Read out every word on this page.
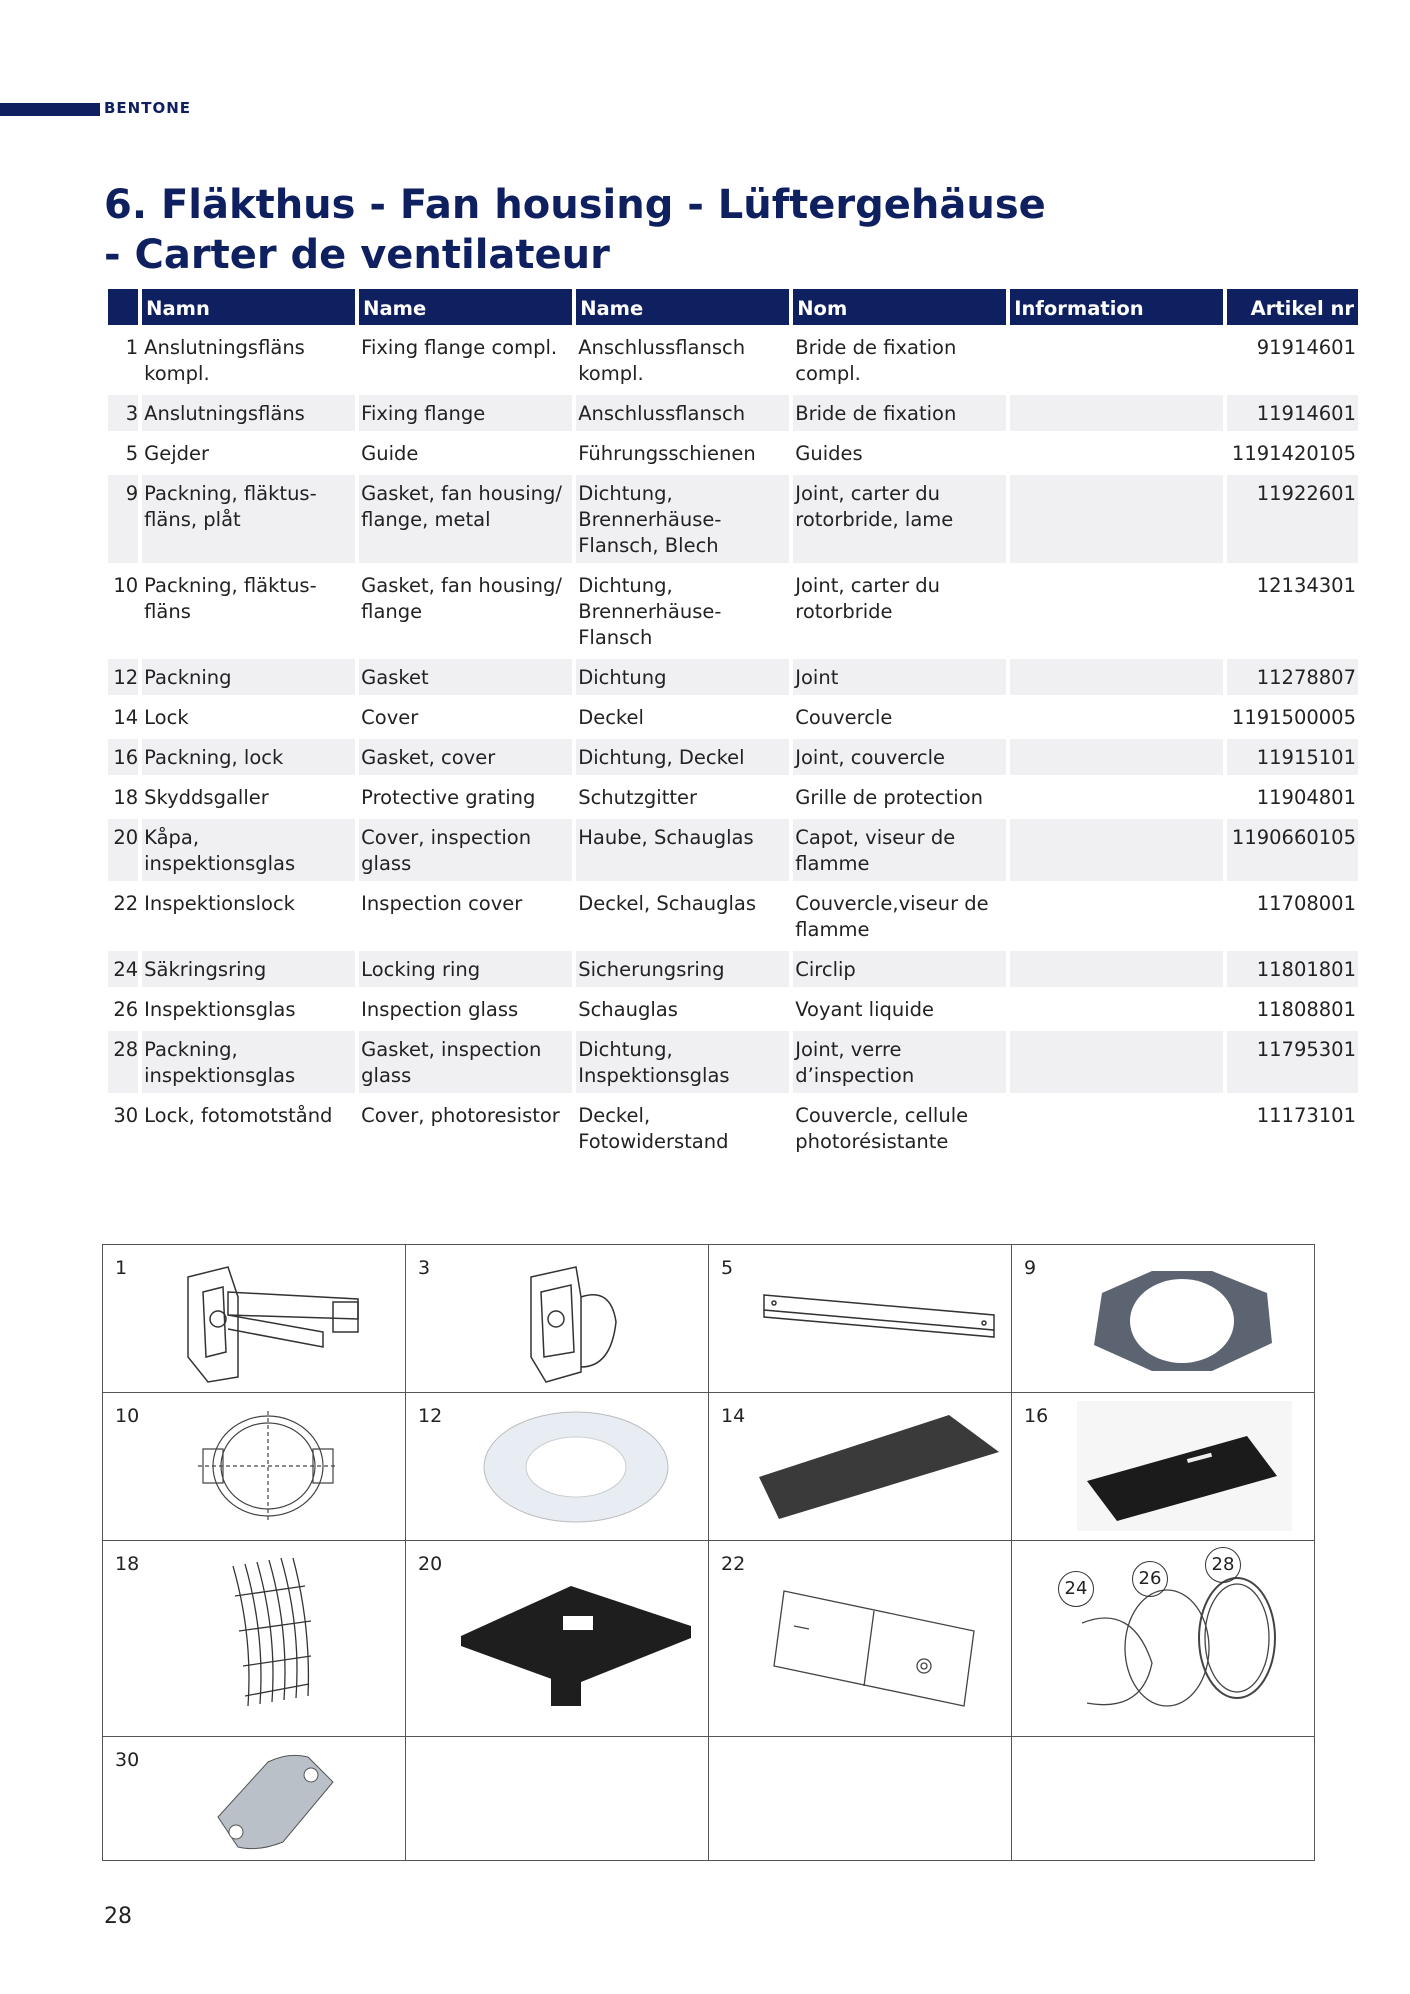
BENTONE
6. Fläkthus - Fan housing - Lüftergehäuse
- Carter de ventilateur
	Namn	Name	Name	Nom	Information	Artikel nr
1	Anslutningsfläns kompl.	Fixing flange compl.	Anschlussflansch kompl.	Bride de fixation compl.		91914601
3	Anslutningsfläns	Fixing flange	Anschlussflansch	Bride de fixation		11914601
5	Gejder	Guide	Führungsschienen	Guides		1191420105
9	Packning, fläktus-fläns, plåt	Gasket, fan housing/ flange, metal	Dichtung, Brennerhäuse-Flansch, Blech	Joint, carter du rotorbride, lame		11922601
10	Packning, fläktus-fläns	Gasket, fan housing/ flange	Dichtung, Brennerhäuse-Flansch	Joint, carter du rotorbride		12134301
12	Packning	Gasket	Dichtung	Joint		11278807
14	Lock	Cover	Deckel	Couvercle		1191500005
16	Packning, lock	Gasket, cover	Dichtung, Deckel	Joint, couvercle		11915101
18	Skyddsgaller	Protective grating	Schutzgitter	Grille de protection		11904801
20	Kåpa, inspektionsglas	Cover, inspection glass	Haube, Schauglas	Capot, viseur de flamme		1190660105
22	Inspektionslock	Inspection cover	Deckel, Schauglas	Couvercle,viseur de flamme		11708001
24	Säkringsring	Locking ring	Sicherungsring	Circlip		11801801
26	Inspektionsglas	Inspection glass	Schauglas	Voyant liquide		11808801
28	Packning, inspektionsglas	Gasket, inspection glass	Dichtung, Inspektionsglas	Joint, verre d’inspection		11795301
30	Lock, fotomotstånd	Cover, photoresistor	Deckel, Fotowiderstand	Couvercle, cellule photorésistante		11173101
1	3	5	9
10	12	14	16
18	20	22
24	26
28
30
28
